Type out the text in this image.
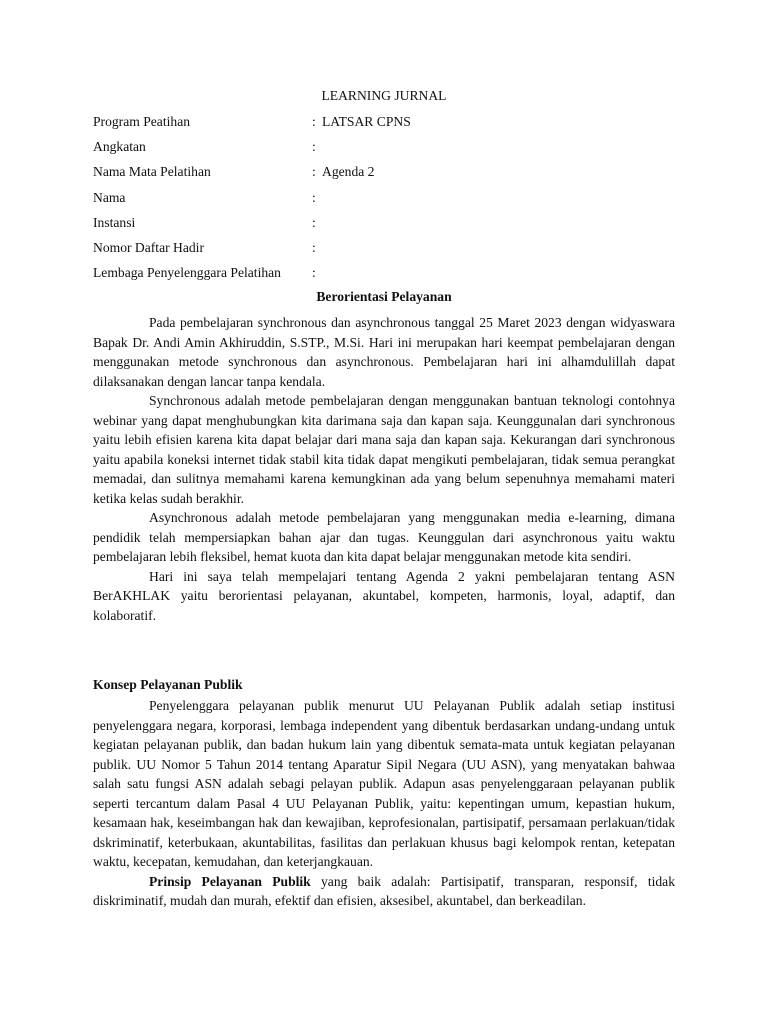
LEARNING JURNAL
Program Peatihan	: LATSAR CPNS
Angkatan	:
Nama Mata Pelatihan	: Agenda 2
Nama	:
Instansi	:
Nomor Daftar Hadir	:
Lembaga Penyelenggara Pelatihan :
Berorientasi Pelayanan

Pada pembelajaran synchronous dan asynchronous tanggal 25 Maret 2023 dengan widyaswara Bapak Dr. Andi Amin Akhiruddin, S.STP., M.Si. Hari ini merupakan hari keempat pembelajaran dengan menggunakan metode synchronous dan asynchronous. Pembelajaran hari ini alhamdulillah dapat dilaksanakan dengan lancar tanpa kendala.

Synchronous adalah metode pembelajaran dengan menggunakan bantuan teknologi contohnya webinar yang dapat menghubungkan kita darimana saja dan kapan saja. Keunggunalan dari synchronous yaitu lebih efisien karena kita dapat belajar dari mana saja dan kapan saja. Kekurangan dari synchronous yaitu apabila koneksi internet tidak stabil kita tidak dapat mengikuti pembelajaran, tidak semua perangkat memadai, dan sulitnya memahami karena kemungkinan ada yang belum sepenuhnya memahami materi ketika kelas sudah berakhir.

Asynchronous adalah metode pembelajaran yang menggunakan media e-learning, dimana pendidik telah mempersiapkan bahan ajar dan tugas. Keunggulan dari asynchronous yaitu waktu pembelajaran lebih fleksibel, hemat kuota dan kita dapat belajar menggunakan metode kita sendiri.

Hari ini saya telah mempelajari tentang Agenda 2 yakni pembelajaran tentang ASN BerAKHLAK yaitu berorientasi pelayanan, akuntabel, kompeten, harmonis, loyal, adaptif, dan kolaboratif.

Konsep Pelayanan Publik

Penyelenggara pelayanan publik menurut UU Pelayanan Publik adalah setiap institusi penyelenggara negara, korporasi, lembaga independent yang dibentuk berdasarkan undang-undang untuk kegiatan pelayanan publik, dan badan hukum lain yang dibentuk semata-mata untuk kegiatan pelayanan publik. UU Nomor 5 Tahun 2014 tentang Aparatur Sipil Negara (UU ASN), yang menyatakan bahwaa salah satu fungsi ASN adalah sebagi pelayan publik. Adapun asas penyelenggaraan pelayanan publik seperti tercantum dalam Pasal 4 UU Pelayanan Publik, yaitu: kepentingan umum, kepastian hukum, kesamaan hak, keseimbangan hak dan kewajiban, keprofesionalan, partisipatif, persamaan perlakuan/tidak dskriminatif, keterbukaan, akuntabilitas, fasilitas dan perlakuan khusus bagi kelompok rentan, ketepatan waktu, kecepatan, kemudahan, dan keterjangkauan.

Prinsip Pelayanan Publik yang baik adalah: Partisipatif, transparan, responsif, tidak diskriminatif, mudah dan murah, efektif dan efisien, aksesibel, akuntabel, dan berkeadilan.
